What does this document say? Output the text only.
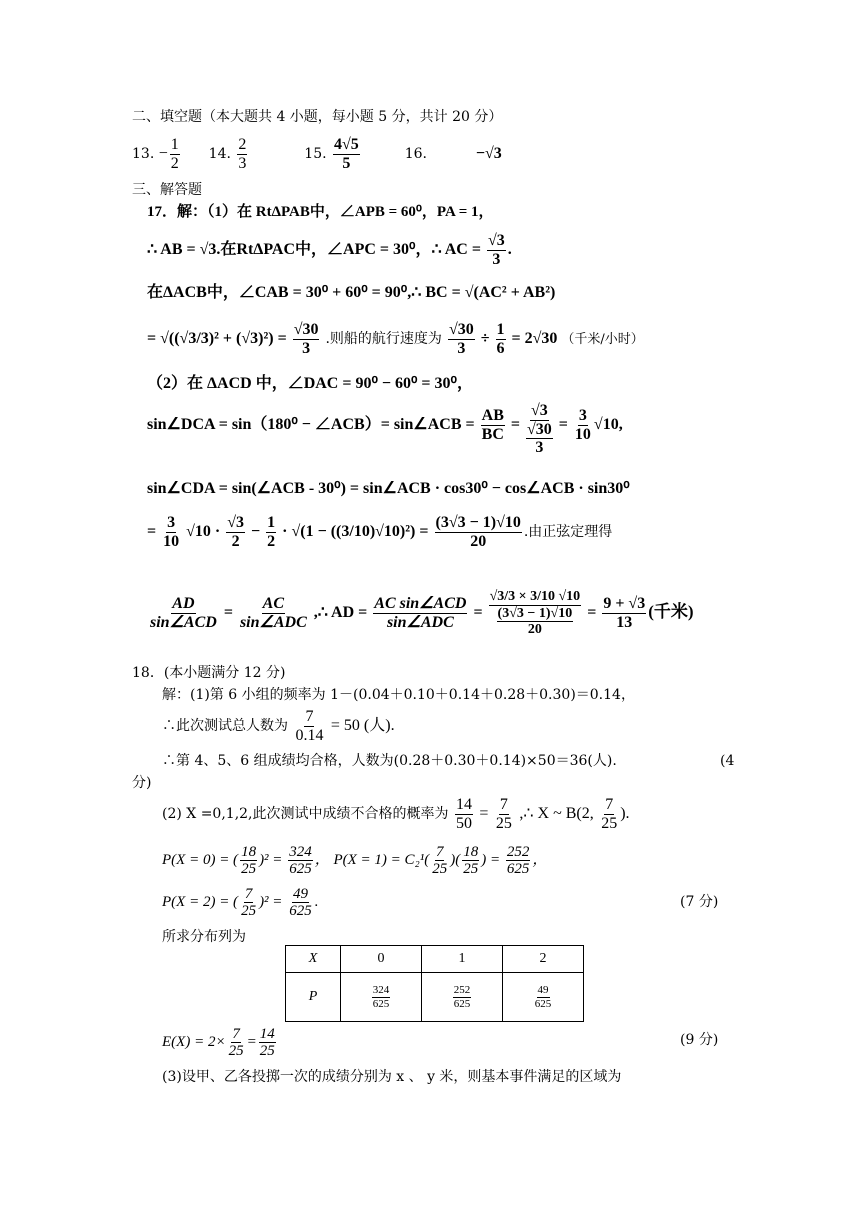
二、填空题（本大题共 4 小题，每小题 5 分，共计 20 分）
13. − $\frac{1}{2} 14$. $\frac{2}{3}$	15. $\frac{4√5}{5}$	16.	−√3
三、解答题
17．解：（1）在 RtΔPAB中，∠APB = 60⁰，PA = 1，
∴ AB = √3.在RtΔPAC中，∠APC = 30⁰，∴ AC = $\frac{√3}{3}$ .
在ΔACB中，∠CAB = 30⁰ + 60⁰ = 90⁰,∴ BC = √(AC² + AB²)
= $√((√3/3)^2 + (√3)^2) = \frac{√30}{3}$ .则船的航行速度为 $\frac{√30}{3} \div \frac{1}{6} = 2√30$ （千米/小时）
（2）在 ΔACD 中，∠DAC = 90⁰ − 60⁰ = 30⁰，
sin∠DCA = sin（180⁰ − ∠ACB）= sin∠ACB = $\frac{AB}{BC}$ =
√3
√30
3
= $\frac{3}{10} √10$,
sin∠CDA = sin(∠ACB - 30⁰) = sin∠ACB · cos30⁰ − cos∠ACB · sin30⁰
= $\frac{3}{10} √10 \cdot \frac{√3}{2} - \frac{1}{2} \cdot √(1 - ((3/10)√10)^2) = \frac{(3√3 - 1)√10}{20}$ .由正弦定理得
$\frac{AD}{\text{sin∠ACD}} = \frac{AC}{\text{sin∠ADC}}$ ,∴ AD = $\frac{\text{AC sin∠ACD}}{\text{sin∠ADC}}$ =
√3/3 × 3/10 √10
(3√3 − 1)√10
20
= $\frac{9 + √3}{13}$ (千米)
18．(本小题满分 12 分)
解：(1)第 6 小组的频率为 1－(0.04＋0.10＋0.14＋0.28＋0.30)＝0.14，
∴此次测试总人数为 $\frac{7}{0.14} = 50$ (人).
∴第 4、5、6 组成绩均合格，人数为(0.28＋0.30＋0.14)×50＝36(人).	(4
分)
(2) X =0,1,2,此次测试中成绩不合格的概率为 $\frac{14}{50} = \frac{7}{25}$ ,∴ X ~ B(2, $\frac{7}{25}$ ).
P(X = 0) = ( $\frac{18}{25} )^2 = \frac{324}{625}$ ， $P(X = 1) = C_2^1( \frac{7}{25}$ )( $\frac{18}{25}$ ) = $\frac{252}{625}$ ，
P(X = 2) = ( $\frac{7}{25} )^2 = \frac{49}{625}$ .	(7 分)
所求分布列为
X	0	1	2
P	$\frac{324}{625}$	$\frac{252}{625}$	$\frac{49}{625}$
$E(X) = 2\times \frac{7}{25} = \frac{14}{25}$	(9 分)
(3)设甲、乙各投掷一次的成绩分别为 x 、 y 米，则基本事件满足的区域为
